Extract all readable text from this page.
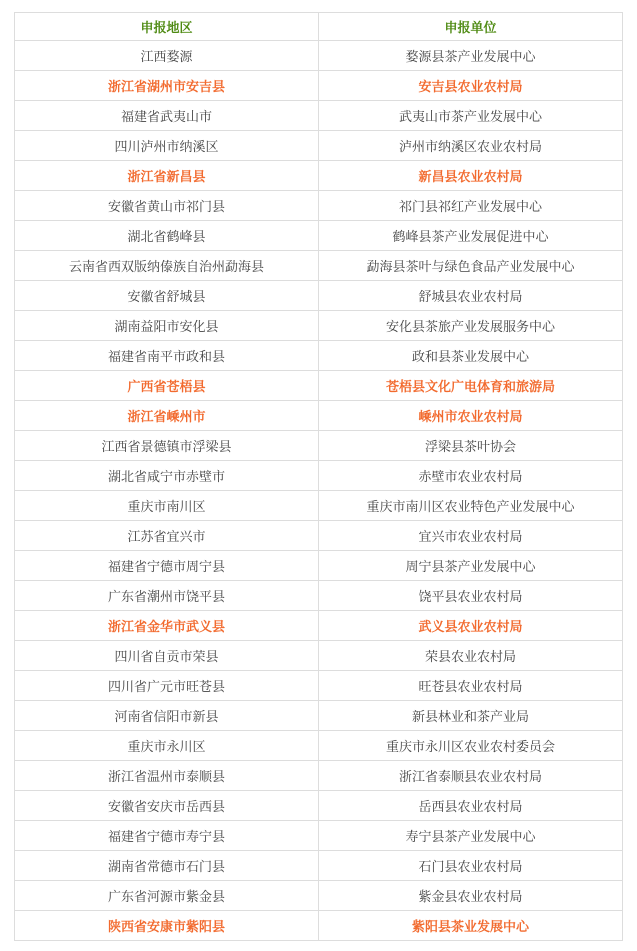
申报地区	申报单位
江西婺源	婺源县茶产业发展中心
浙江省湖州市安吉县	安吉县农业农村局
福建省武夷山市	武夷山市茶产业发展中心
四川泸州市纳溪区	泸州市纳溪区农业农村局
浙江省新昌县	新昌县农业农村局
安徽省黄山市祁门县	祁门县祁红产业发展中心
湖北省鹤峰县	鹤峰县茶产业发展促进中心
云南省西双版纳傣族自治州勐海县	勐海县茶叶与绿色食品产业发展中心
安徽省舒城县	舒城县农业农村局
湖南益阳市安化县	安化县茶旅产业发展服务中心
福建省南平市政和县	政和县茶业发展中心
广西省苍梧县	苍梧县文化广电体育和旅游局
浙江省嵊州市	嵊州市农业农村局
江西省景德镇市浮梁县	浮梁县茶叶协会
湖北省咸宁市赤壁市	赤壁市农业农村局
重庆市南川区	重庆市南川区农业特色产业发展中心
江苏省宜兴市	宜兴市农业农村局
福建省宁德市周宁县	周宁县茶产业发展中心
广东省潮州市饶平县	饶平县农业农村局
浙江省金华市武义县	武义县农业农村局
四川省自贡市荣县	荣县农业农村局
四川省广元市旺苍县	旺苍县农业农村局
河南省信阳市新县	新县林业和茶产业局
重庆市永川区	重庆市永川区农业农村委员会
浙江省温州市泰顺县	浙江省泰顺县农业农村局
安徽省安庆市岳西县	岳西县农业农村局
福建省宁德市寿宁县	寿宁县茶产业发展中心
湖南省常德市石门县	石门县农业农村局
广东省河源市紫金县	紫金县农业农村局
陕西省安康市紫阳县	紫阳县茶业发展中心
